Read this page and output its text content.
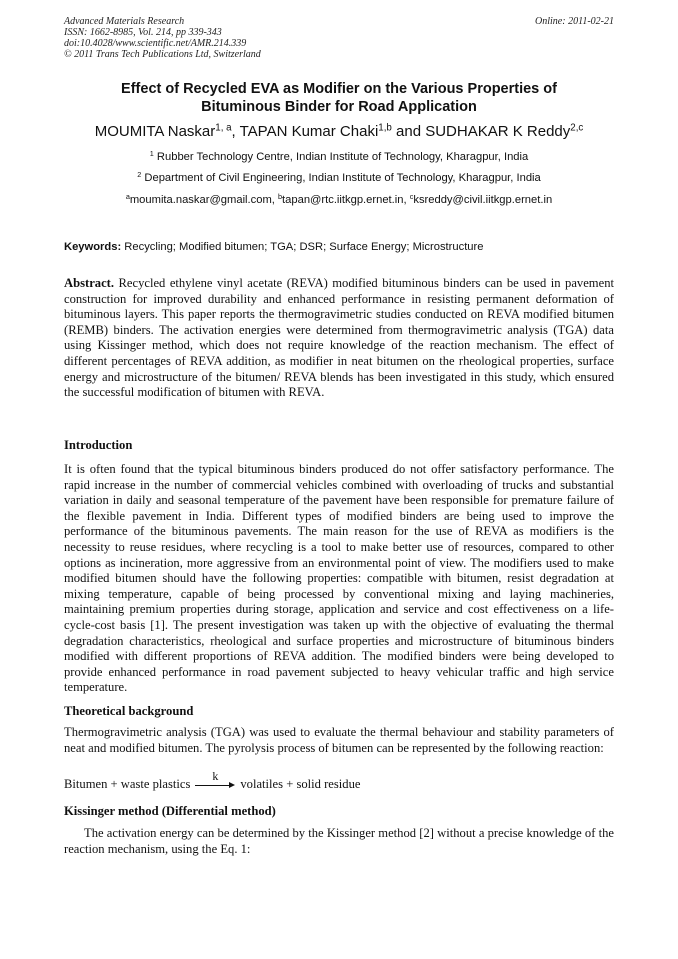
Advanced Materials Research
ISSN: 1662-8985, Vol. 214, pp 339-343
doi:10.4028/www.scientific.net/AMR.214.339
© 2011 Trans Tech Publications Ltd, Switzerland
Online: 2011-02-21
Effect of Recycled EVA as Modifier on the Various Properties of
Bituminous Binder for Road Application
MOUMITA Naskar$^{1, a}$, TAPAN Kumar Chaki$^{1,b}$ and SUDHAKAR K Reddy$^{2,c}$
$^1$ Rubber Technology Centre, Indian Institute of Technology, Kharagpur, India
$^2$ Department of Civil Engineering, Indian Institute of Technology, Kharagpur, India
$^a$moumita.naskar@gmail.com, $^b$tapan@rtc.iitkgp.ernet.in, $^c$ksreddy@civil.iitkgp.ernet.in
Keywords: Recycling; Modified bitumen; TGA; DSR; Surface Energy; Microstructure

Abstract. Recycled ethylene vinyl acetate (REVA) modified bituminous binders can be used in pavement construction for improved durability and enhanced performance in resisting permanent deformation of bituminous layers. This paper reports the thermogravimetric studies conducted on REVA modified bitumen (REMB) binders. The activation energies were determined from thermogravimetric analysis (TGA) data using Kissinger method, which does not require knowledge of the reaction mechanism. The effect of different percentages of REVA addition, as modifier in neat bitumen on the rheological properties, surface energy and microstructure of the bitumen/ REVA blends has been investigated in this study, which ensured the successful modification of bitumen with REVA.

Introduction

It is often found that the typical bituminous binders produced do not offer satisfactory performance. The rapid increase in the number of commercial vehicles combined with overloading of trucks and substantial variation in daily and seasonal temperature of the pavement have been responsible for premature failure of the flexible pavement in India. Different types of modified binders are being used to improve the performance of the bituminous pavements. The main reason for the use of REVA as modifiers is the necessity to reuse residues, where recycling is a tool to make better use of resources, compared to other options as incineration, more aggressive from an environmental point of view. The modifiers used to make modified bitumen should have the following properties: compatible with bitumen, resist degradation at mixing temperature, capable of being processed by conventional mixing and laying machineries, maintaining premium properties during storage, application and service and cost effectiveness on a life-cycle-cost basis [1]. The present investigation was taken up with the objective of evaluating the thermal degradation characteristics, rheological and surface properties and microstructure of bituminous binders modified with different proportions of REVA addition. The modified binders were being developed to provide enhanced performance in road pavement subjected to heavy vehicular traffic and high service temperature.

Theoretical background

Thermogravimetric analysis (TGA) was used to evaluate the thermal behaviour and stability parameters of neat and modified bitumen. The pyrolysis process of bitumen can be represented by the following reaction:

Bitumen + waste plastics
k
volatiles + solid residue
Kissinger method (Differential method)

The activation energy can be determined by the Kissinger method [2] without a precise knowledge of the reaction mechanism, using the Eq. 1:
